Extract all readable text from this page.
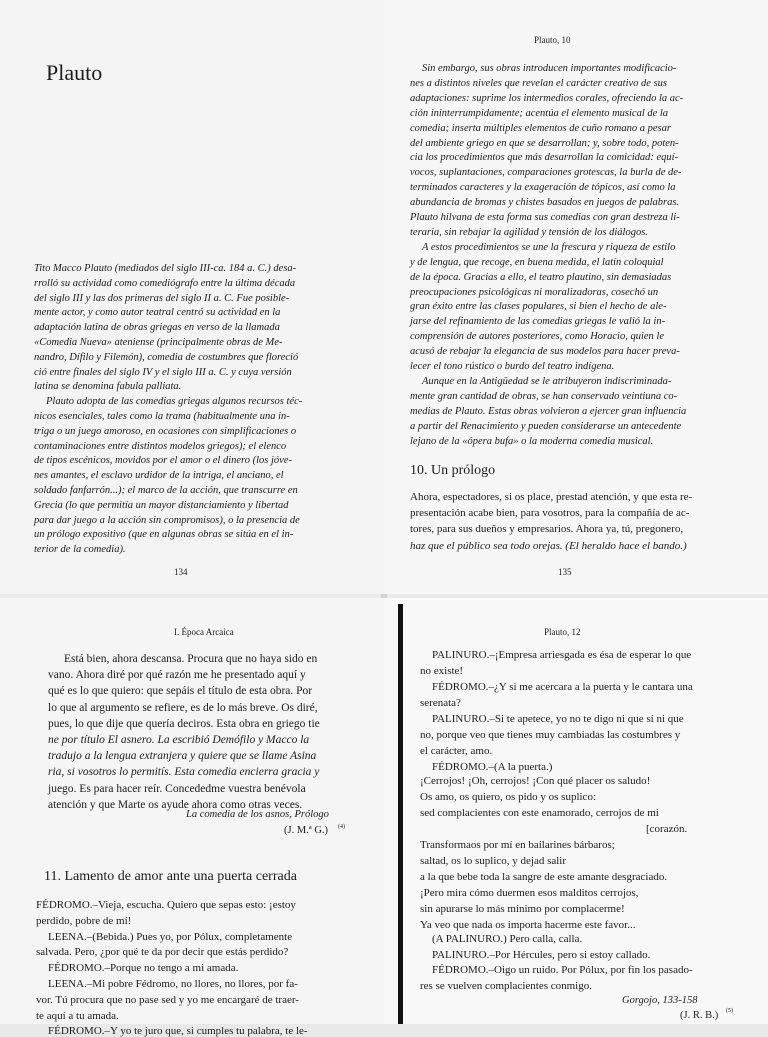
Plauto
Tito Macco Plauto (mediados del siglo III-ca. 184 a. C.) desa-
rrolló su actividad como comediógrafo entre la última década
del siglo III y las dos primeras del siglo II a. C. Fue posible-
mente actor, y como autor teatral centró su actividad en la
adaptación latina de obras griegas en verso de la llamada
«Comedia Nueva» ateniense (principalmente obras de Me-
nandro, Dífilo y Filemón), comedia de costumbres que floreció
ció entre finales del siglo IV y el siglo III a. C. y cuya versión
latina se denomina fabula palliata.
Plauto adopta de las comedias griegas algunos recursos téc-
nicos esenciales, tales como la trama (habitualmente una in-
triga o un juego amoroso, en ocasiones con simplificaciones o
contaminaciones entre distintos modelos griegos); el elenco
de tipos escénicos, movidos por el amor o el dinero (los jóve-
nes amantes, el esclavo urdidor de la intriga, el anciano, el
soldado fanfarrón...); el marco de la acción, que transcurre en
Grecia (lo que permitía un mayor distanciamiento y libertad
para dar juego a la acción sin compromisos), o la presencia de
un prólogo expositivo (que en algunas obras se sitúa en el in-
terior de la comedia).
134
Plauto, 10
Sin embargo, sus obras introducen importantes modificacio-
nes a distintos niveles que revelan el carácter creativo de sus
adaptaciones: suprime los intermedios corales, ofreciendo la ac-
ción ininterrumpidamente; acentúa el elemento musical de la
comedia; inserta múltiples elementos de cuño romano a pesar
del ambiente griego en que se desarrollan; y, sobre todo, poten-
cia los procedimientos que más desarrollan la comicidad: equí-
vocos, suplantaciones, comparaciones grotescas, la burla de de-
terminados caracteres y la exageración de tópicos, así como la
abundancia de bromas y chistes basados en juegos de palabras.
Plauto hilvana de esta forma sus comedias con gran destreza li-
teraria, sin rebajar la agilidad y tensión de los diálogos.
A estos procedimientos se une la frescura y riqueza de estilo
y de lengua, que recoge, en buena medida, el latín coloquial
de la época. Gracias a ello, el teatro plautino, sin demasiadas
preocupaciones psicológicas ni moralizadoras, cosechó un
gran éxito entre las clases populares, si bien el hecho de ale-
jarse del refinamiento de las comedias griegas le valió la in-
comprensión de autores posteriores, como Horacio, quien le
acusó de rebajar la elegancia de sus modelos para hacer preva-
lecer el tono rústico o burdo del teatro indígena.
Aunque en la Antigüedad se le atribuyeron indiscriminada-
mente gran cantidad de obras, se han conservado veintiuna co-
medias de Plauto. Estas obras volvieron a ejercer gran influencia
a partir del Renacimiento y pueden considerarse un antecedente
lejano de la «ópera bufa» o la moderna comedia musical.
10. Un prólogo
Ahora, espectadores, si os place, prestad atención, y que esta re-
presentación acabe bien, para vosotros, para la compañía de ac-
tores, para sus dueños y empresarios. Ahora ya, tú, pregonero,
haz que el público sea todo orejas. (El heraldo hace el bando.)
135
I. Época Arcaica
Está bien, ahora descansa. Procura que no haya sido en
vano. Ahora diré por qué razón me he presentado aquí y
qué es lo que quiero: que sepáis el título de esta obra. Por
lo que al argumento se refiere, es de lo más breve. Os diré,
pues, lo que dije que quería deciros. Esta obra en griego tie
ne por título El asnero. La escribió Demófilo y Macco la
tradujo a la lengua extranjera y quiere que se llame Asina
ria, si vosotros lo permitís. Esta comedia encierra gracia y
juego. Es para hacer reír. Concededme vuestra benévola
atención y que Marte os ayude ahora como otras veces.
La comedia de los asnos, Prólogo
(J. M.ª G.) (4)
11. Lamento de amor ante una puerta cerrada
FÉDROMO.–Vieja, escucha. Quiero que sepas esto: ¡estoy
perdido, pobre de mí!
LEENA.–(Bebida.) Pues yo, por Pólux, completamente
salvada. Pero, ¿por qué te da por decir que estás perdido?
FÉDROMO.–Porque no tengo a mi amada.
LEENA.–Mi pobre Fédromo, no llores, no llores, por fa-
vor. Tú procura que no pase sed y yo me encargaré de traer-
te aquí a tu amada.
FÉDROMO.–Y yo te juro que, si cumples tu palabra, te le-
Plauto, 12
PALINURO.–¡Empresa arriesgada es ésa de esperar lo que
no existe!
FÉDROMO.–¿Y si me acercara a la puerta y le cantara una
serenata?
PALINURO.–Si te apetece, yo no te digo ni que sí ni que
no, porque veo que tienes muy cambiadas las costumbres y
el carácter, amo.
FÉDROMO.–(A la puerta.)
¡Cerrojos! ¡Oh, cerrojos! ¡Con qué placer os saludo!
Os amo, os quiero, os pido y os suplico:
sed complacientes con este enamorado, cerrojos de mi
[corazón.
Transformaos por mí en bailarines bárbaros;
saltad, os lo suplico, y dejad salir
a la que bebe toda la sangre de este amante desgraciado.
¡Pero mira cómo duermen esos malditos cerrojos,
sin apurarse lo más mínimo por complacerme!
Ya veo que nada os importa hacerme este favor...
(A PALINURO.) Pero calla, calla.
PALINURO.–Por Hércules, pero si estoy callado.
FÉDROMO.–Oigo un ruido. Por Pólux, por fin los pasado-
res se vuelven complacientes conmigo.
Gorgojo, 133-158
(J. R. B.) (5)
